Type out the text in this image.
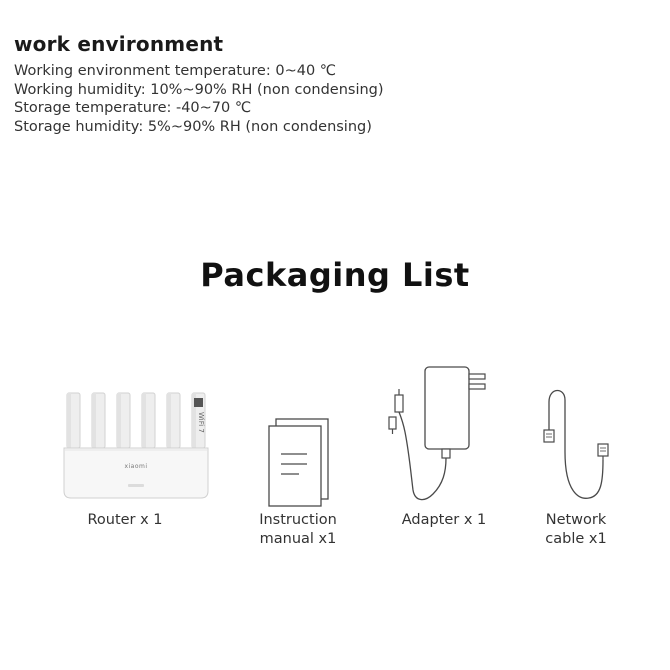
work environment
Working environment temperature: 0~40 ℃
Working humidity: 10%~90% RH (non condensing)
Storage temperature: -40~70 ℃
Storage humidity: 5%~90% RH (non condensing)
Packaging List
WiFi 7
xiaomi
Router x 1	Instruction
manual x1
Adapter x 1	Network
cable x1
